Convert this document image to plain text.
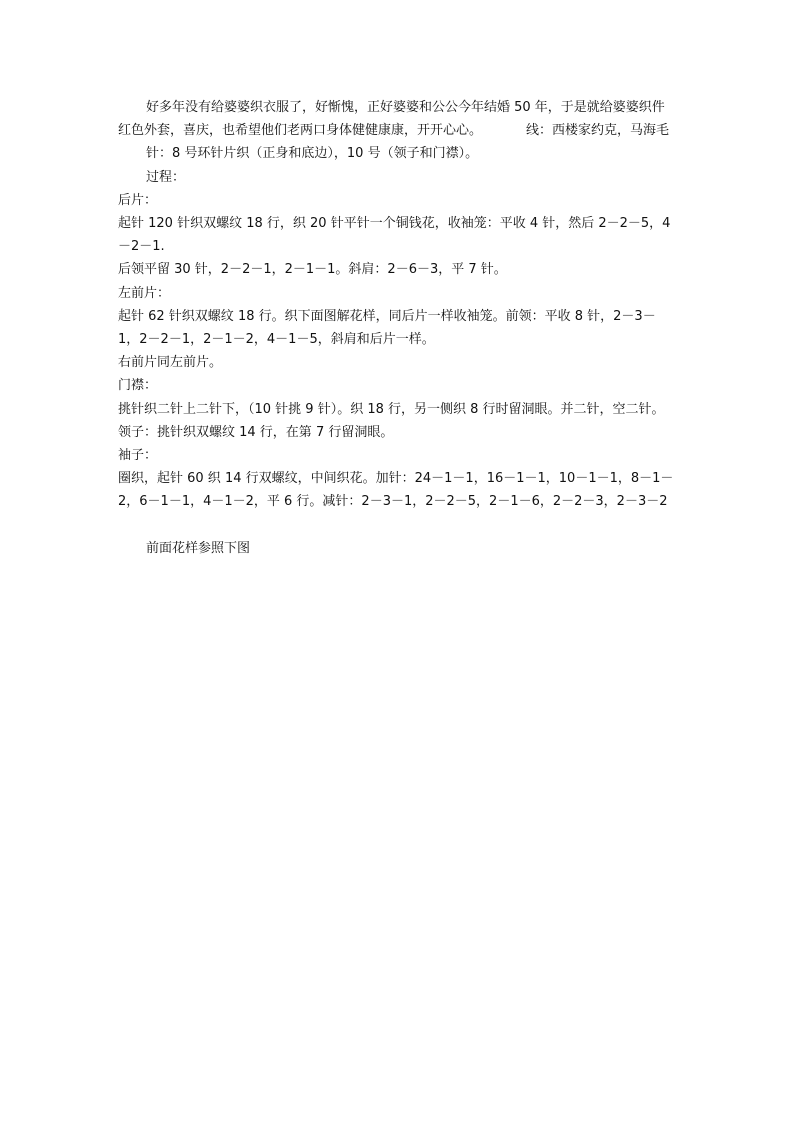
好多年没有给婆婆织衣服了，好惭愧，正好婆婆和公公今年结婚 50 年，于是就给婆婆织件红色外套，喜庆，也希望他们老两口身体健健康康，开开心心。	线：西楼家约克，马海毛

针：8 号环针片织（正身和底边），10 号（领子和门襟）。

过程：

后片：

起针 120 针织双螺纹 18 行，织 20 针平针一个铜钱花，收袖笼：平收 4 针，然后 2－2－5，4－2－1.

后领平留 30 针，2－2－1，2－1－1。斜肩：2－6－3，平 7 针。

左前片：

起针 62 针织双螺纹 18 行。织下面图解花样，同后片一样收袖笼。前领：平收 8 针，2－3－1，2－2－1，2－1－2，4－1－5，斜肩和后片一样。

右前片同左前片。

门襟：

挑针织二针上二针下，（10 针挑 9 针）。织 18 行，另一侧织 8 行时留洞眼。并二针，空二针。

领子：挑针织双螺纹 14 行，在第 7 行留洞眼。

袖子：

圈织，起针 60 织 14 行双螺纹，中间织花。加针：24－1－1，16－1－1，10－1－1，8－1－2，6－1－1，4－1－2，平 6 行。减针：2－3－1，2－2－5，2－1－6，2－2－3，2－3－2

前面花样参照下图
